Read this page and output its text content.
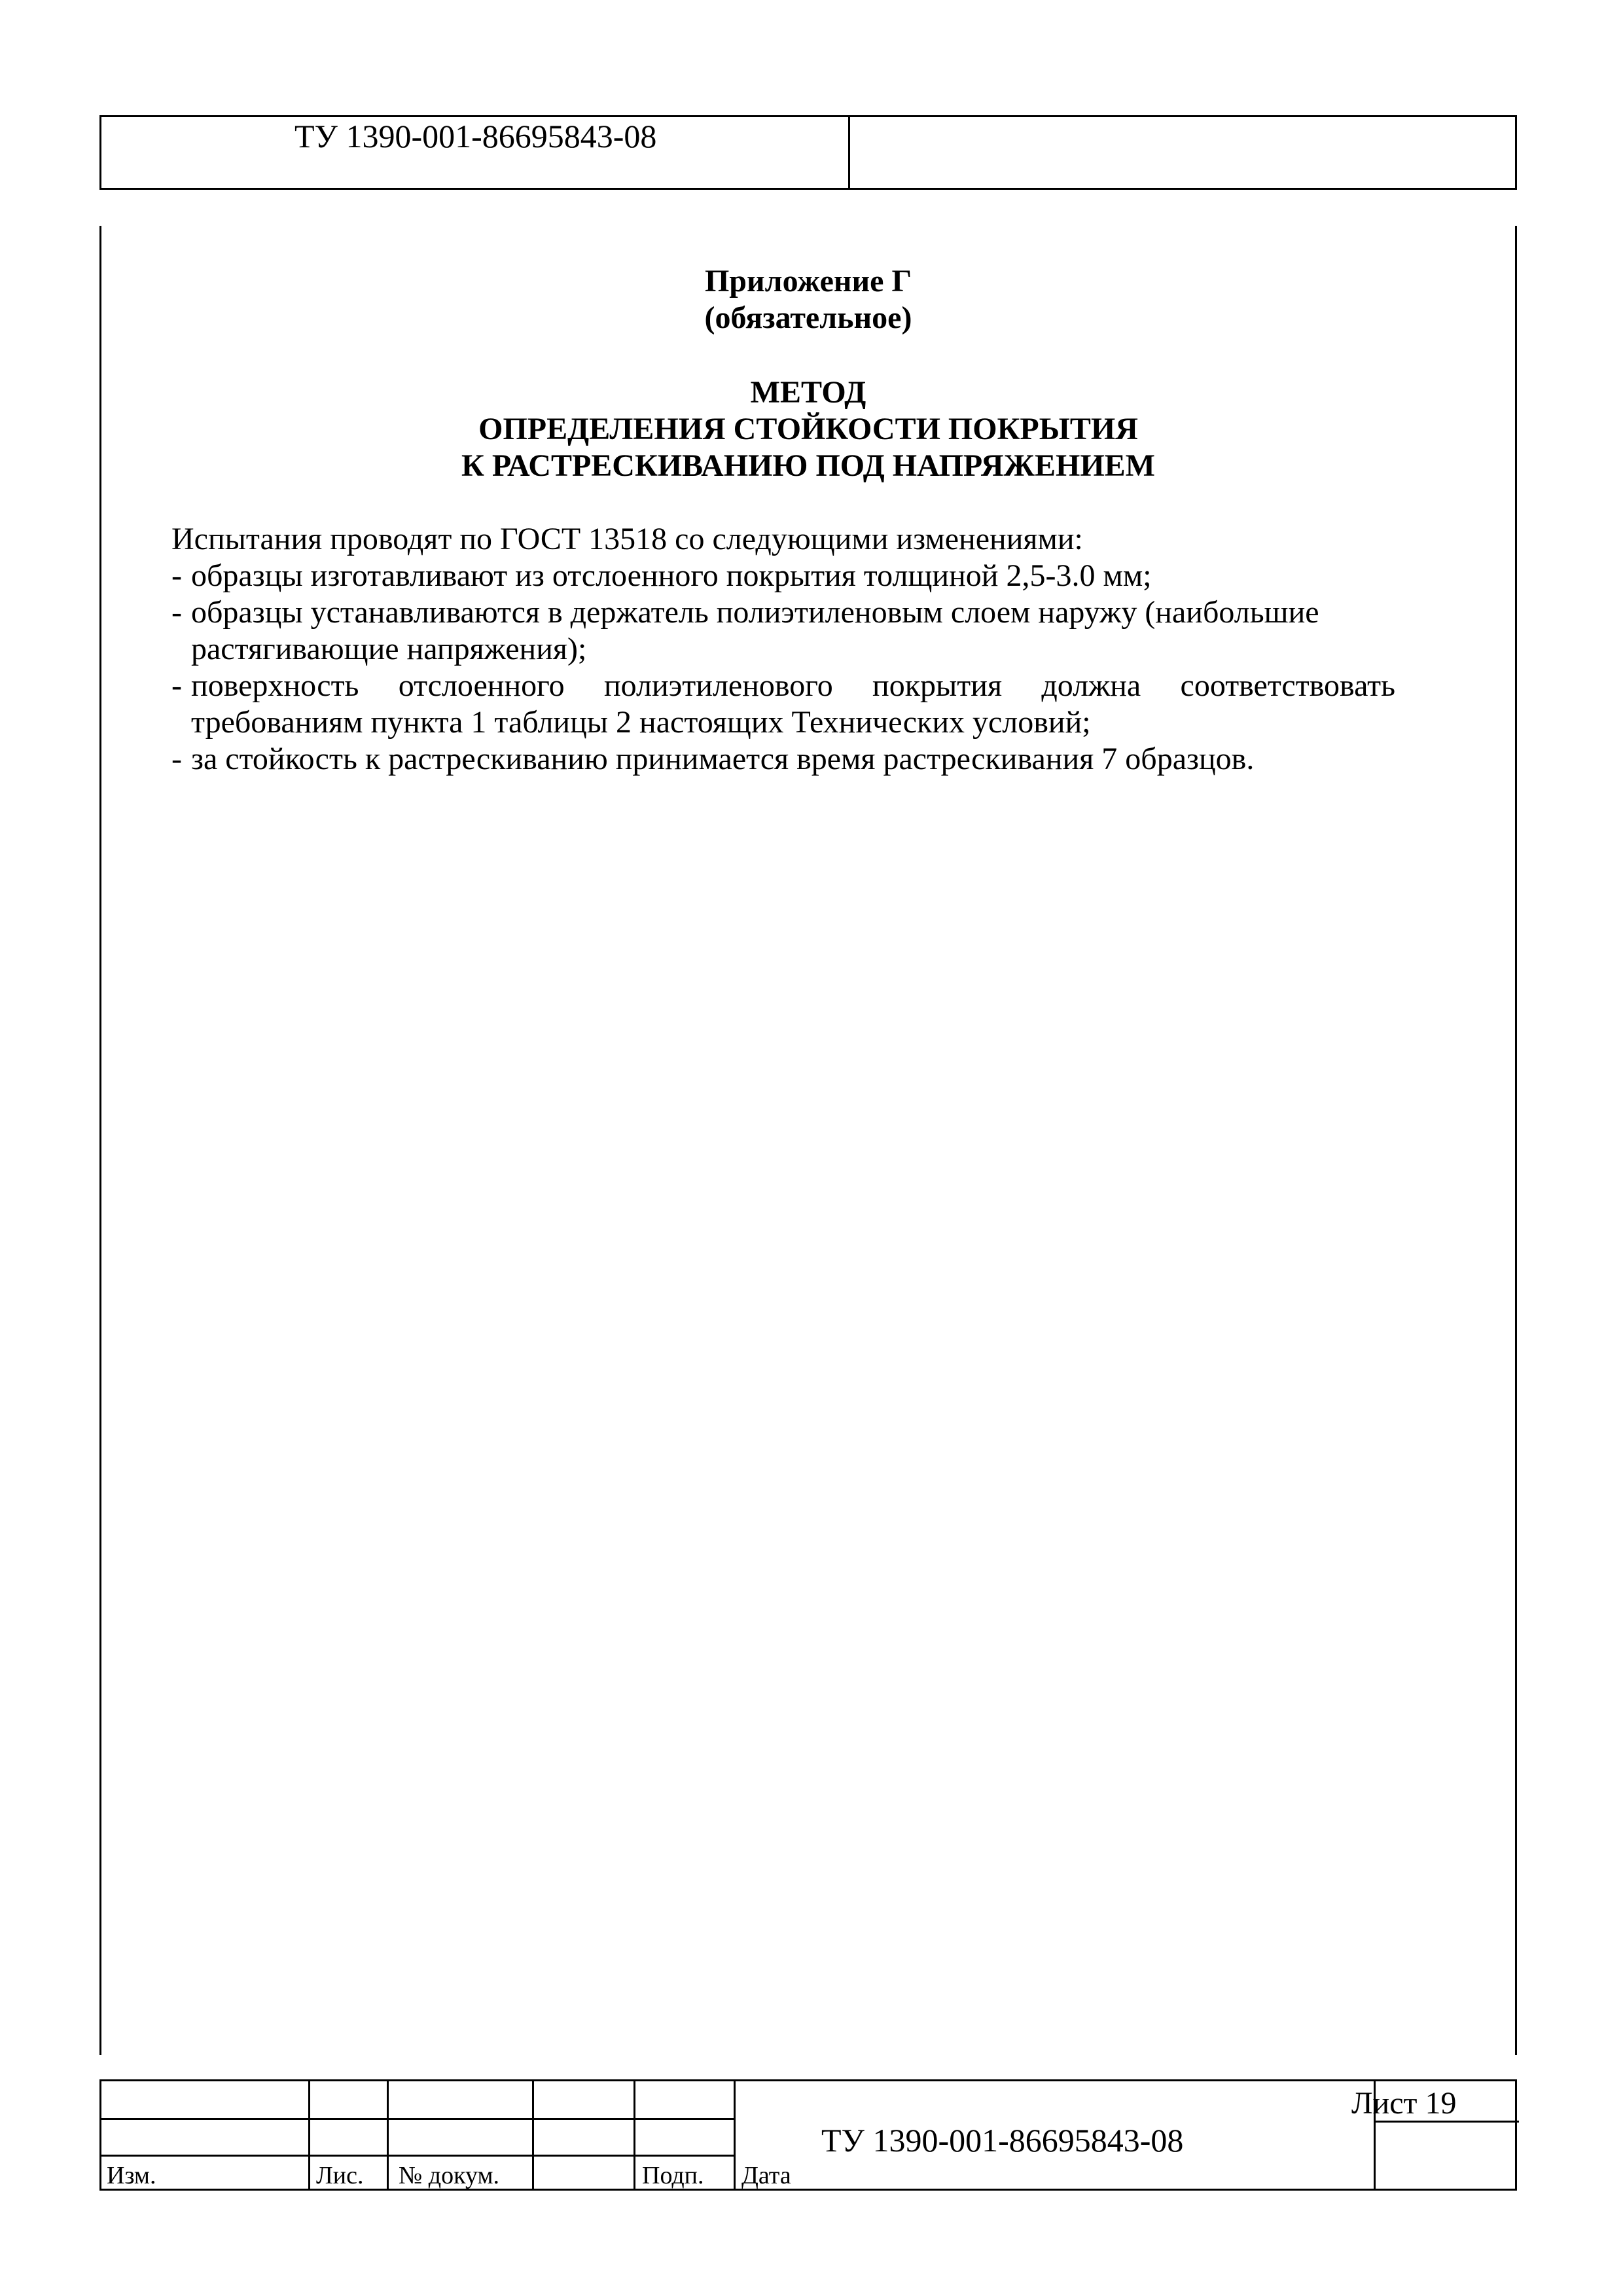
ТУ 1390-001-86695843-08
Приложение Г
(обязательное)
МЕТОД
ОПРЕДЕЛЕНИЯ СТОЙКОСТИ ПОКРЫТИЯ
К РАСТРЕСКИВАНИЮ ПОД НАПРЯЖЕНИЕМ
Испытания проводят по ГОСТ 13518 со следующими изменениями:
- образцы изготавливают из отслоенного покрытия толщиной 2,5-3.0 мм;
- образцы устанавливаются в держатель полиэтиленовым слоем наружу (наибольшие
растягивающие напряжения);
- поверхность отслоенного полиэтиленового покрытия должна соответствовать
требованиям пункта 1 таблицы 2 настоящих Технических условий;
- за стойкость к растрескиванию принимается время растрескивания 7 образцов.
Изм.	Лис. № докум.	Подп. Дата
ТУ 1390-001-86695843-08
Лист 19
